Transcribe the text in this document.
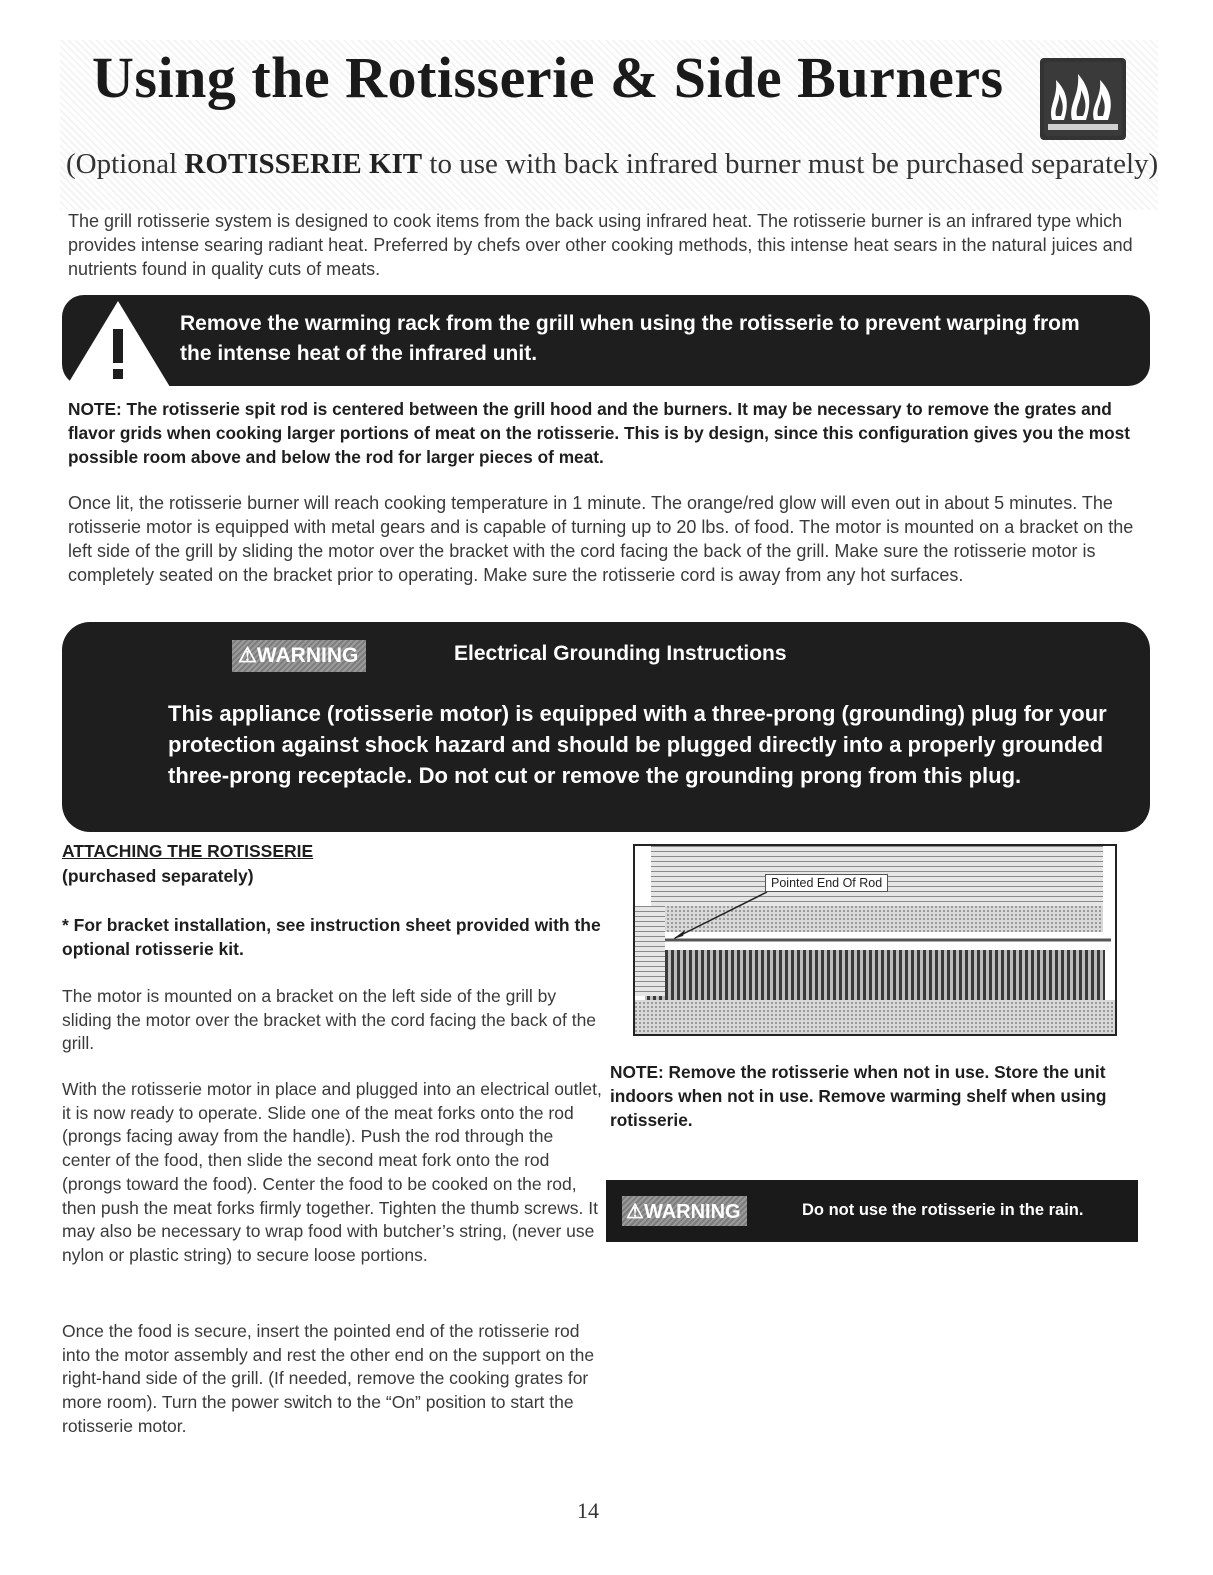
Using the Rotisserie & Side Burners
(Optional ROTISSERIE KIT to use with back infrared burner must be purchased separately)

The grill rotisserie system is designed to cook items from the back using infrared heat. The rotisserie burner is an infrared type which provides intense searing radiant heat. Preferred by chefs over other cooking methods, this intense heat sears in the natural juices and nutrients found in quality cuts of meats.

Remove the warming rack from the grill when using the rotisserie to prevent warping from the intense heat of the infrared unit.

NOTE: The rotisserie spit rod is centered between the grill hood and the burners. It may be necessary to remove the grates and flavor grids when cooking larger portions of meat on the rotisserie. This is by design, since this configuration gives you the most possible room above and below the rod for larger pieces of meat.

Once lit, the rotisserie burner will reach cooking temperature in 1 minute. The orange/red glow will even out in about 5 minutes. The rotisserie motor is equipped with metal gears and is capable of turning up to 20 lbs. of food. The motor is mounted on a bracket on the left side of the grill by sliding the motor over the bracket with the cord facing the back of the grill. Make sure the rotisserie motor is completely seated on the bracket prior to operating. Make sure the rotisserie cord is away from any hot surfaces.

⚠WARNING	Electrical Grounding Instructions
This appliance (rotisserie motor) is equipped with a three-prong (grounding) plug for your protection against shock hazard and should be plugged directly into a properly grounded three-prong receptacle. Do not cut or remove the grounding prong from this plug.
ATTACHING THE ROTISSERIE
(purchased separately)

* For bracket installation, see instruction sheet provided with the optional rotisserie kit.

The motor is mounted on a bracket on the left side of the grill by sliding the motor over the bracket with the cord facing the back of the grill.

With the rotisserie motor in place and plugged into an electrical outlet, it is now ready to operate. Slide one of the meat forks onto the rod (prongs facing away from the handle). Push the rod through the center of the food, then slide the second meat fork onto the rod (prongs toward the food). Center the food to be cooked on the rod, then push the meat forks firmly together. Tighten the thumb screws. It may also be necessary to wrap food with butcher’s string, (never use nylon or plastic string) to secure loose portions.

Once the food is secure, insert the pointed end of the rotisserie rod into the motor assembly and rest the other end on the support on the right-hand side of the grill. (If needed, remove the cooking grates for more room). Turn the power switch to the “On” position to start the rotisserie motor.

Pointed End Of Rod

NOTE: Remove the rotisserie when not in use. Store the unit indoors when not in use. Remove warming shelf when using rotisserie.

⚠WARNING	Do not use the rotisserie in the rain.
14
